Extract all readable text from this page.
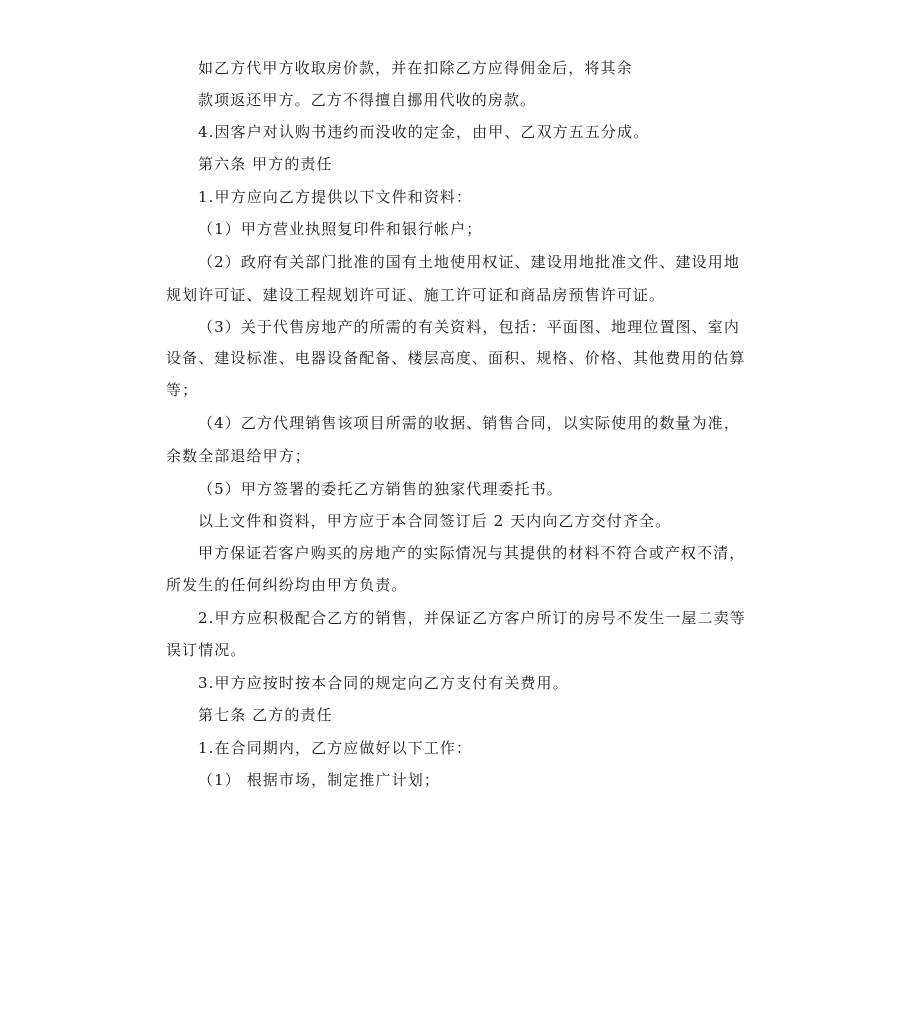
如乙方代甲方收取房价款，并在扣除乙方应得佣金后，将其余
款项返还甲方。乙方不得擅自挪用代收的房款。
4.因客户对认购书违约而没收的定金，由甲、乙双方五五分成。
第六条 甲方的责任
1.甲方应向乙方提供以下文件和资料：
（1）甲方营业执照复印件和银行帐户；
（2）政府有关部门批准的国有土地使用权证、建设用地批准文件、建设用地
规划许可证、建设工程规划许可证、施工许可证和商品房预售许可证。
（3）关于代售房地产的所需的有关资料，包括：平面图、地理位置图、室内
设备、建设标准、电器设备配备、楼层高度、面积、规格、价格、其他费用的估算
等；
（4）乙方代理销售该项目所需的收据、销售合同，以实际使用的数量为准，
余数全部退给甲方；
（5）甲方签署的委托乙方销售的独家代理委托书。
以上文件和资料，甲方应于本合同签订后 2 天内向乙方交付齐全。
甲方保证若客户购买的房地产的实际情况与其提供的材料不符合或产权不清，
所发生的任何纠纷均由甲方负责。
2.甲方应积极配合乙方的销售，并保证乙方客户所订的房号不发生一屋二卖等
误订情况。
3.甲方应按时按本合同的规定向乙方支付有关费用。
第七条 乙方的责任
1.在合同期内，乙方应做好以下工作：
（1） 根据市场，制定推广计划；
